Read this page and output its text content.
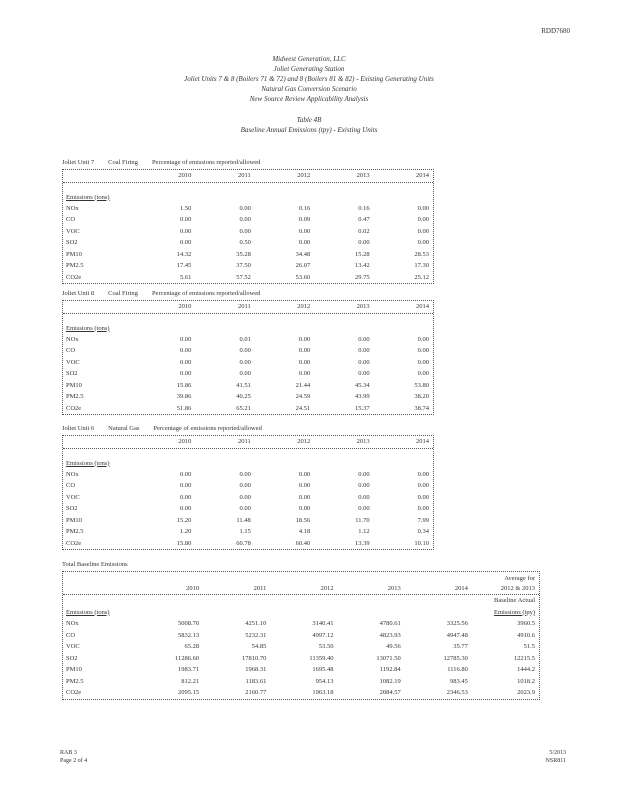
RDD7680
Midwest Generation, LLC
Joliet Generating Station
Joliet Units 7 & 8 (Boilers 71 & 72) and 8 (Boilers 81 & 82) - Existing Generating Units
Natural Gas Conversion Scenario
New Source Review Applicability Analysis
Table 4B
Baseline Annual Emissions (tpy) - Existing Units
Joliet Unit 7 Coal Firing Percentage of emissions reported/allowed
2010	2011	2012	2013	2014
Emissions (tons)
NOx	1.50	0.00	0.16	0.16	0.00
CO	0.00	0.00	0.09	0.47	0.00
VOC	0.00	0.00	0.00	0.02	0.00
SO2	0.00	0.50	0.00	0.00	0.00
PM10	14.32	35.28	34.48	15.28	28.53
PM2.5	17.45	37.50	26.07	13.42	17.30
CO2e	5.61	57.52	53.60	29.75	25.12
Joliet Unit 8 Coal Firing Percentage of emissions reported/allowed
2010	2011	2012	2013	2014
Emissions (tons)
NOx	0.00	0.01	0.00	0.00	0.00
CO	0.00	0.00	0.00	0.00	0.00
VOC	0.00	0.00	0.00	0.00	0.00
SO2	0.00	0.00	0.00	0.00	0.00
PM10	15.86	41.51	21.44	45.34	53.80
PM2.5	39.86	40.25	24.59	43.99	38.20
CO2e	51.86	65.21	24.51	15.37	38.74
Joliet Unit 6 Natural Gas Percentage of emissions reported/allowed
2010	2011	2012	2013	2014
Emissions (tons)
NOx	0.00	0.00	0.00	0.00	0.00
CO	0.00	0.00	0.00	0.00	0.00
VOC	0.00	0.00	0.00	0.00	0.00
SO2	0.00	0.00	0.00	0.00	0.00
PM10	15.20	11.48	18.56	11.70	7.99
PM2.5	1.20	1.15	4.18	1.12	0.34
CO2e	15.80	60.78	60.40	13.39	10.10
Total Baseline Emissions
2010	2011	2012	2013	2014
Average for
2012 & 2013
Baseline Actual
Emissions (tons)	Emissions (tpy)
NOx	5008.70	4251.10	3140.41	4780.61	3325.56	3960.5
CO	5832.13	5232.31	4997.12	4823.93	4947.48	4910.6
VOC	65.28	54.85	53.50	49.56	35.77	51.5
SO2	11286.60	17810.70	11359.40	13071.50	12785.30	12215.5
PM10	1983.71	1968.31	1695.48	1192.84	1116.80	1444.2
PM2.5	812.21	1183.61	954.13	1082.19	983.45	1018.2
CO2e	2095.15	2160.77	1963.18	2084.57	2346.53	2023.9
RAB 3
Page 2 of 4
5/2013
NSR811
